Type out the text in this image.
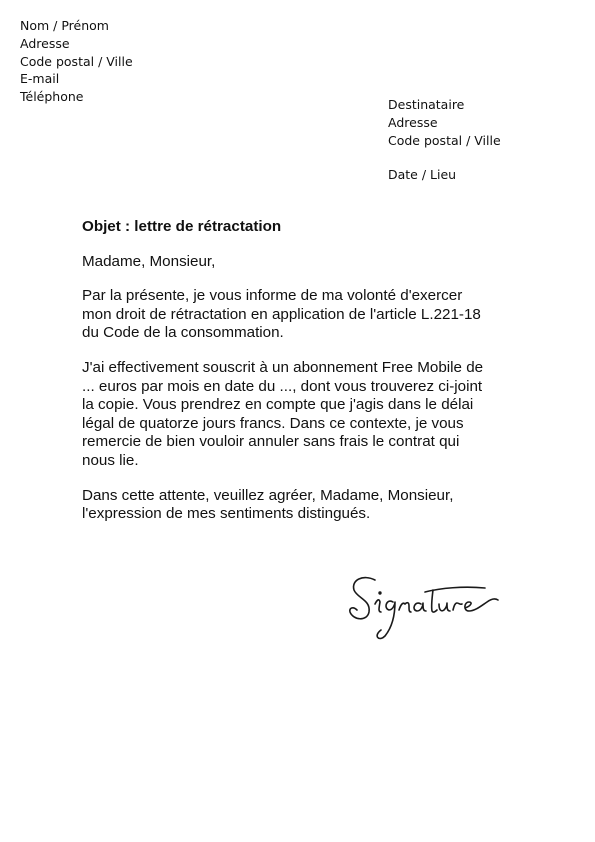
Nom / Prénom
Adresse
Code postal / Ville
E-mail
Téléphone
Destinataire
Adresse
Code postal / Ville
Date / Lieu
Objet : lettre de rétractation
Madame, Monsieur,
Par la présente, je vous informe de ma volonté d'exercer
mon droit de rétractation en application de l'article L.221-18
du Code de la consommation.
J'ai effectivement souscrit à un abonnement Free Mobile de
... euros par mois en date du ..., dont vous trouverez ci-joint
la copie. Vous prendrez en compte que j'agis dans le délai
légal de quatorze jours francs. Dans ce contexte, je vous
remercie de bien vouloir annuler sans frais le contrat qui
nous lie.
Dans cette attente, veuillez agréer, Madame, Monsieur,
l'expression de mes sentiments distingués.
